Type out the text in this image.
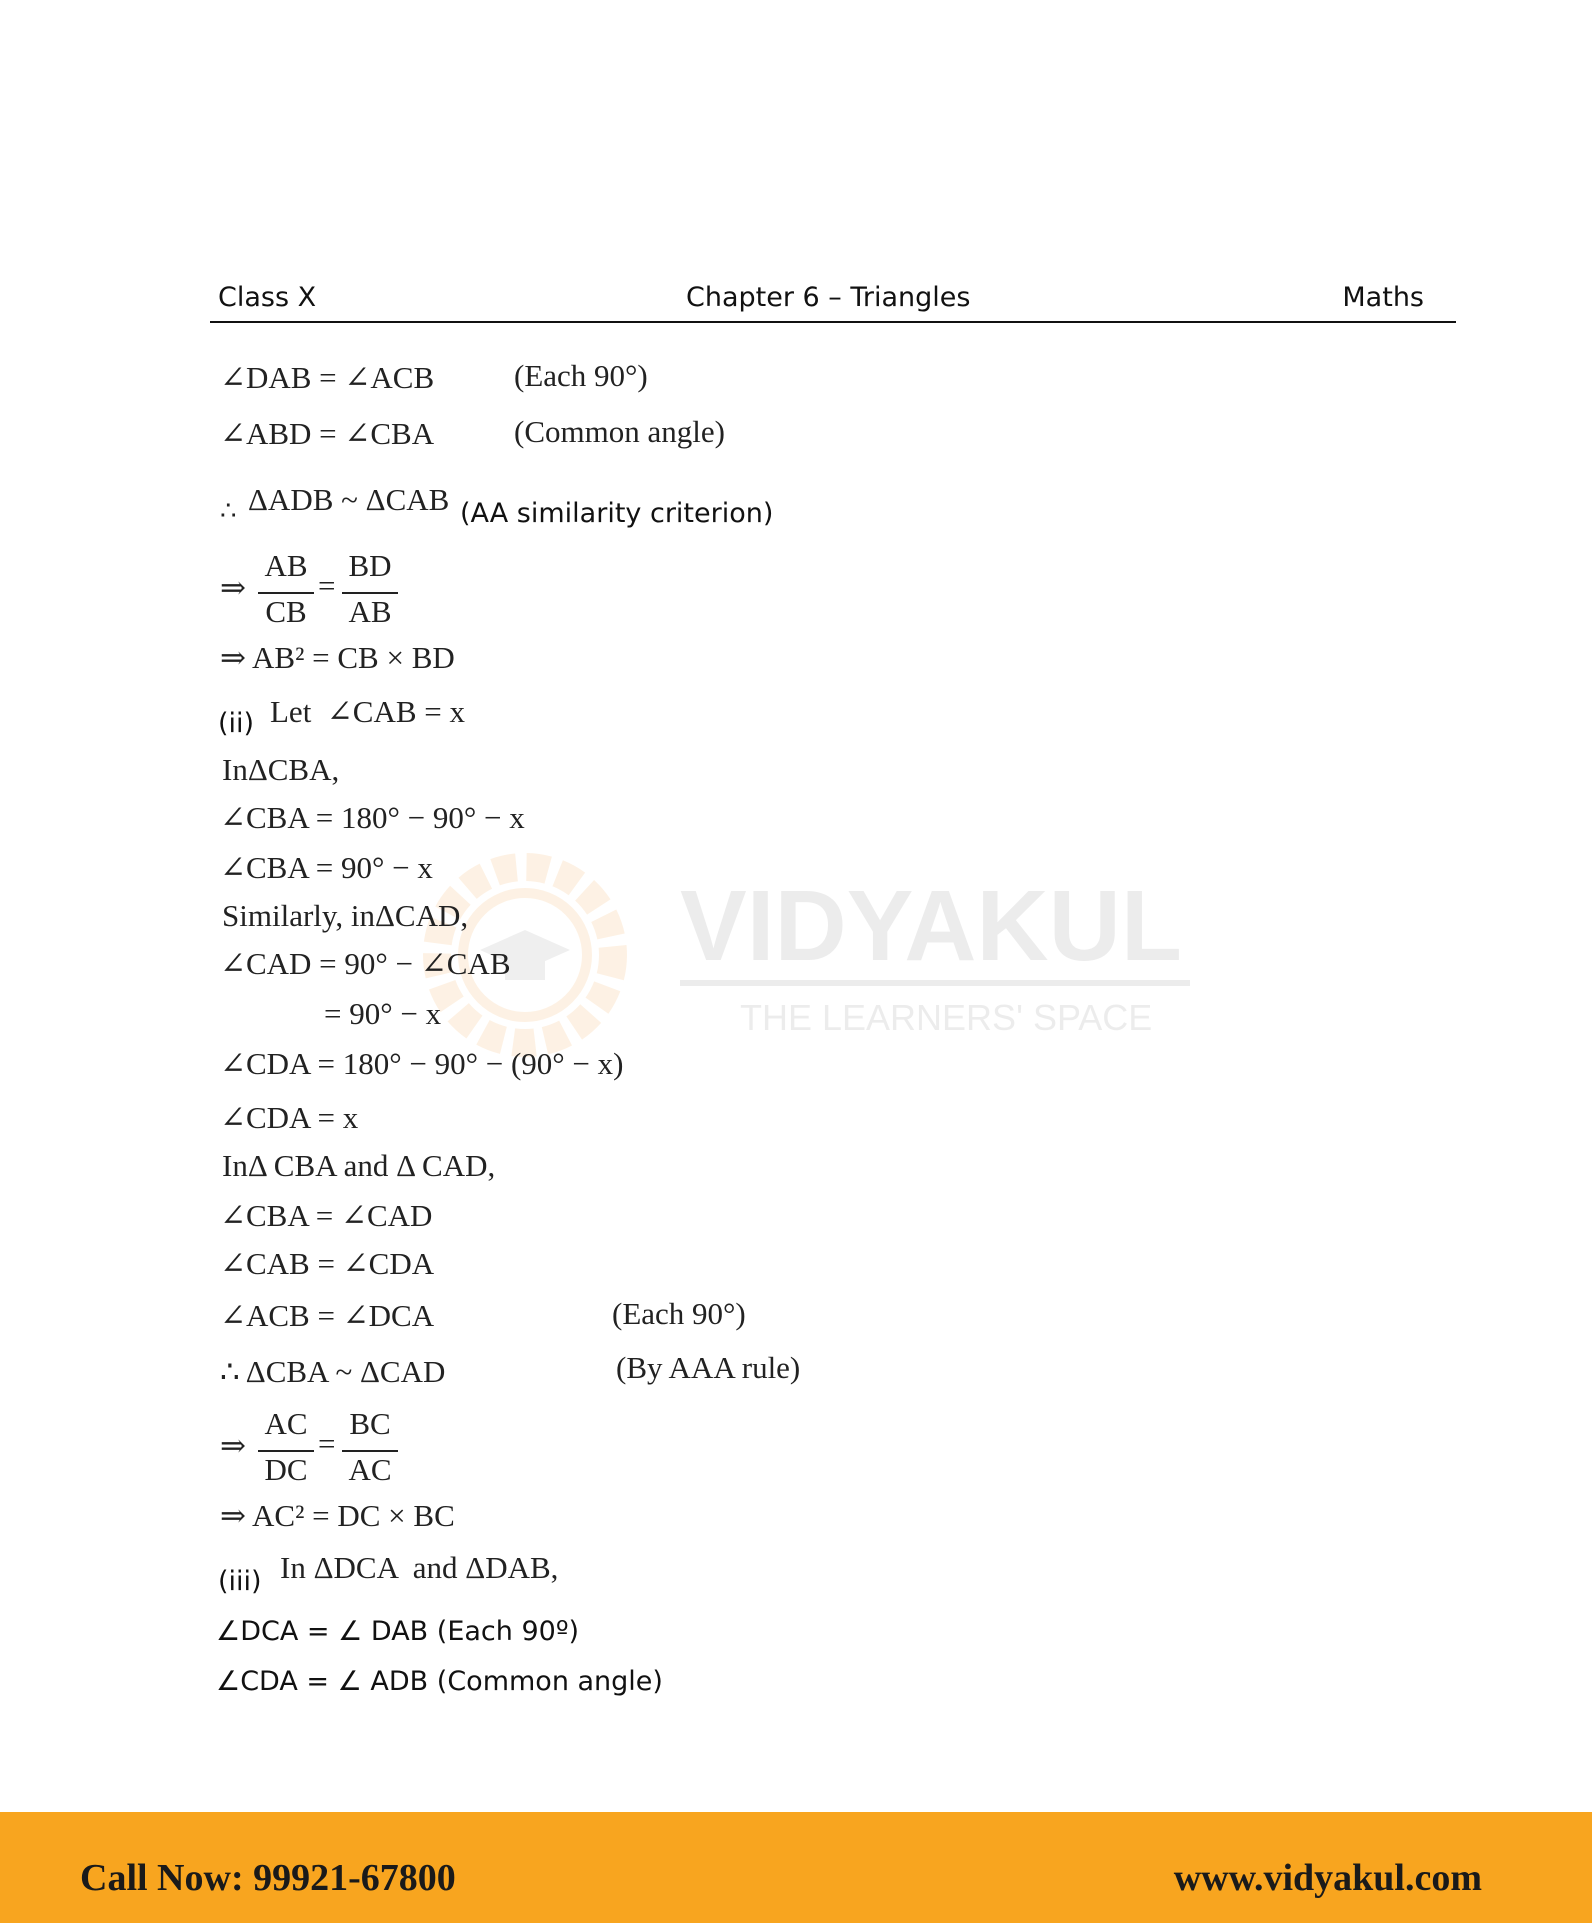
VIDYAKUL
THE LEARNERS' SPACE
Class X	Chapter 6 – Triangles	Maths
∠DAB = ∠ACB	(Each 90°)
∠ABD = ∠CBA	(Common angle)
∴ ΔADB ~ ΔCAB (AA similarity criterion)
⇒
AB
CB
=
BD
AB
⇒ AB² = CB × BD
(ii) Let  ∠CAB = x
InΔCBA,
∠CBA = 180° − 90° − x
∠CBA = 90° − x
Similarly, inΔCAD,
∠CAD = 90° − ∠CAB
= 90° − x
∠CDA = 180° − 90° − (90° − x)
∠CDA = x
InΔ CBA and Δ CAD,
∠CBA = ∠CAD
∠CAB = ∠CDA
∠ACB = ∠DCA	(Each 90°)
∴ ΔCBA ~ ΔCAD	(By AAA rule)
⇒
AC
DC
=
BC
AC
⇒ AC² = DC × BC
(iii) In ΔDCA  and ΔDAB,
∠DCA = ∠ DAB (Each 90º)
∠CDA = ∠ ADB (Common angle)
Call Now: 99921-67800	www.vidyakul.com
